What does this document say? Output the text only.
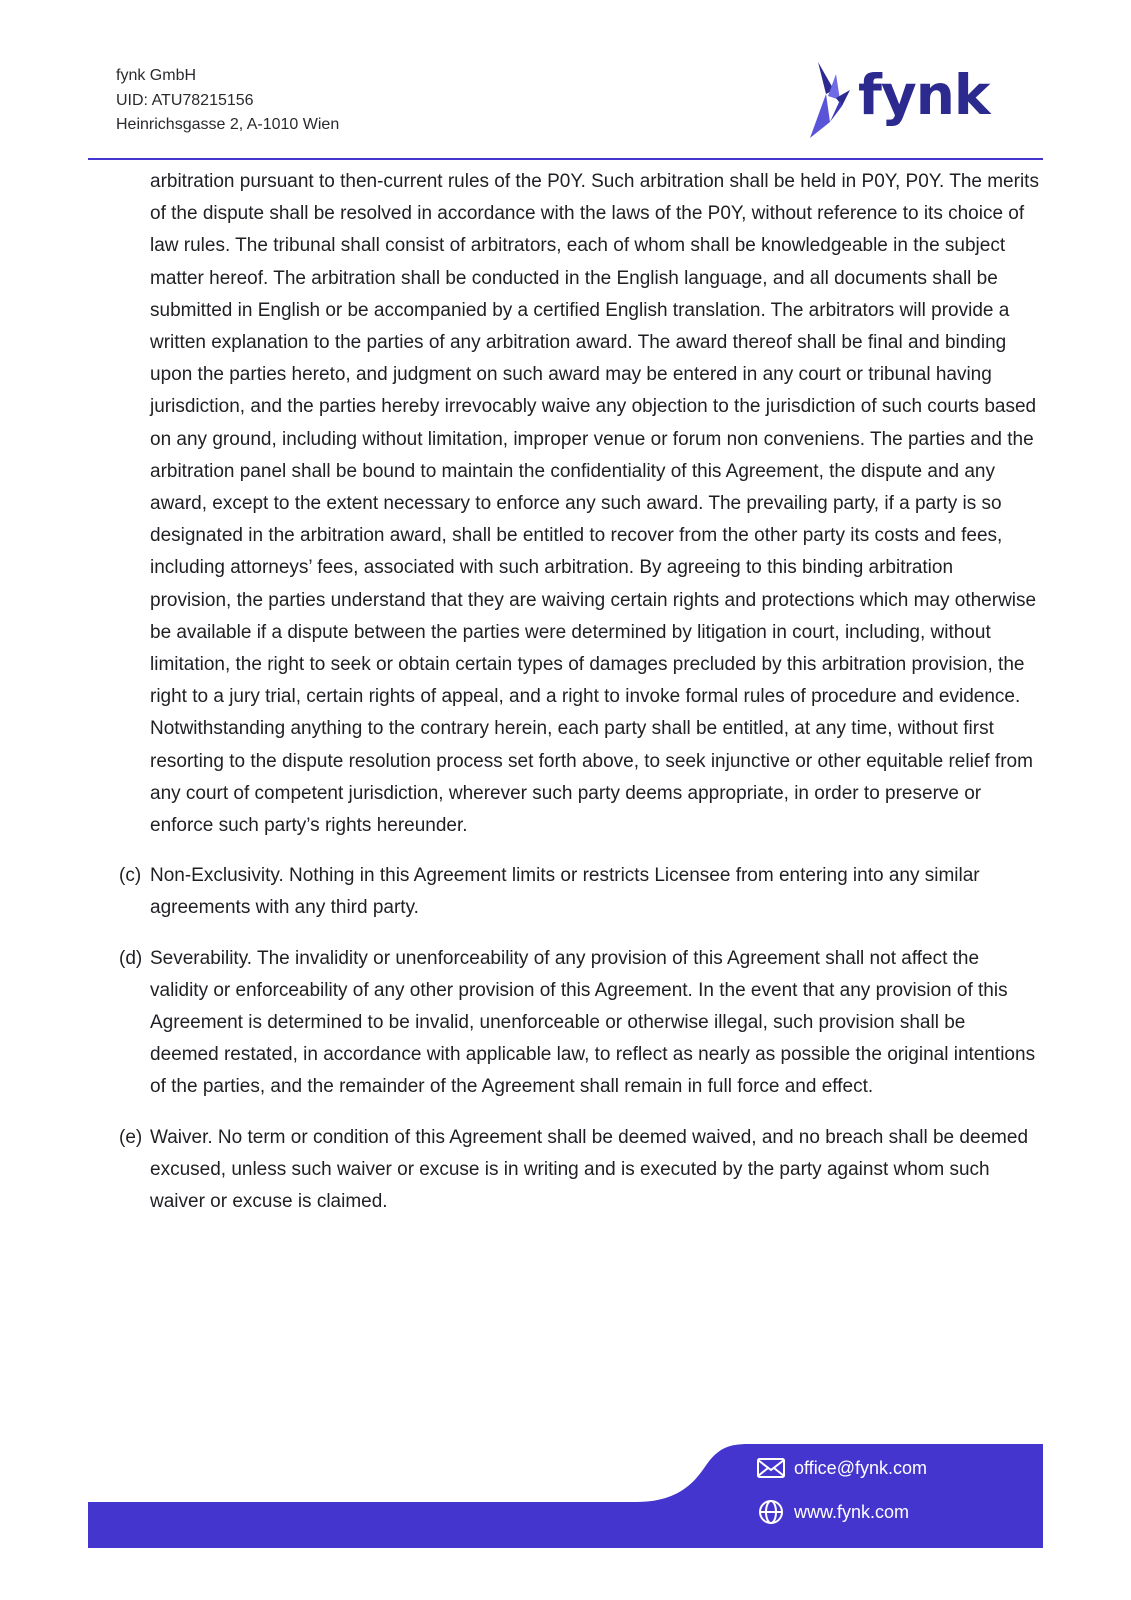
fynk GmbH
UID: ATU78215156
Heinrichsgasse 2, A-1010 Wien	fynk

arbitration pursuant to then-current rules of the P0Y. Such arbitration shall be held in P0Y, P0Y. The merits of the dispute shall be resolved in accordance with the laws of the P0Y, without reference to its choice of law rules. The tribunal shall consist of arbitrators, each of whom shall be knowledgeable in the subject matter hereof. The arbitration shall be conducted in the English language, and all documents shall be submitted in English or be accompanied by a certified English translation. The arbitrators will provide a written explanation to the parties of any arbitration award. The award thereof shall be final and binding upon the parties hereto, and judgment on such award may be entered in any court or tribunal having jurisdiction, and the parties hereby irrevocably waive any objection to the jurisdiction of such courts based on any ground, including without limitation, improper venue or forum non conveniens. The parties and the arbitration panel shall be bound to maintain the confidentiality of this Agreement, the dispute and any award, except to the extent necessary to enforce any such award. The prevailing party, if a party is so designated in the arbitration award, shall be entitled to recover from the other party its costs and fees, including attorneys’ fees, associated with such arbitration. By agreeing to this binding arbitration provision, the parties understand that they are waiving certain rights and protections which may otherwise be available if a dispute between the parties were determined by litigation in court, including, without limitation, the right to seek or obtain certain types of damages precluded by this arbitration provision, the right to a jury trial, certain rights of appeal, and a right to invoke formal rules of procedure and evidence. Notwithstanding anything to the contrary herein, each party shall be entitled, at any time, without first resorting to the dispute resolution process set forth above, to seek injunctive or other equitable relief from any court of competent jurisdiction, wherever such party deems appropriate, in order to preserve or enforce such party’s rights hereunder.

(c) Non-Exclusivity. Nothing in this Agreement limits or restricts Licensee from entering into any similar agreements with any third party.

(d) Severability. The invalidity or unenforceability of any provision of this Agreement shall not affect the validity or enforceability of any other provision of this Agreement. In the event that any provision of this Agreement is determined to be invalid, unenforceable or otherwise illegal, such provision shall be deemed restated, in accordance with applicable law, to reflect as nearly as possible the original intentions of the parties, and the remainder of the Agreement shall remain in full force and effect.

(e) Waiver. No term or condition of this Agreement shall be deemed waived, and no breach shall be deemed excused, unless such waiver or excuse is in writing and is executed by the party against whom such waiver or excuse is claimed.

office@fynk.com
www.fynk.com
